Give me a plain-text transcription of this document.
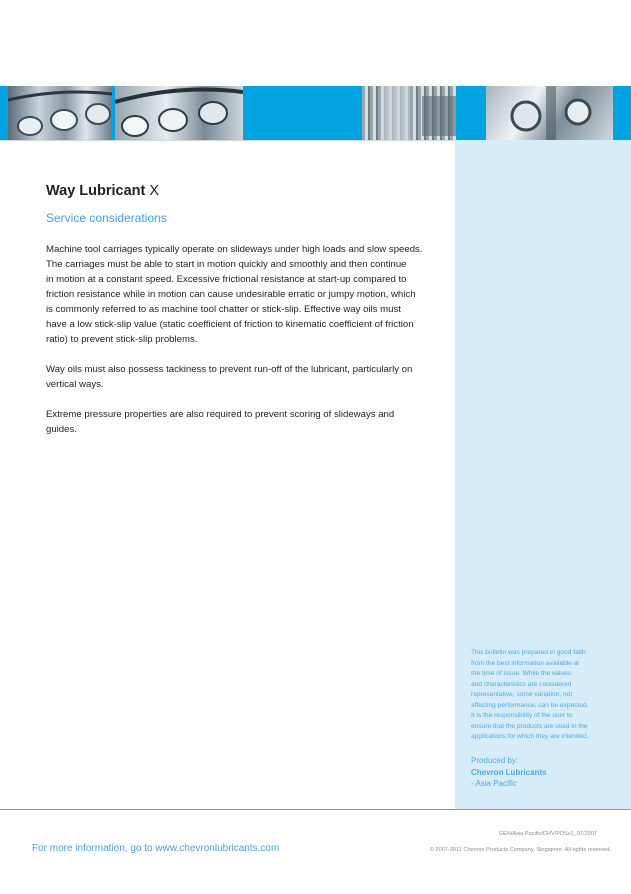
Way Lubricant X
Service considerations

Machine tool carriages typically operate on slideways under high loads and slow speeds.
The carriages must be able to start in motion quickly and smoothly and then continue
in motion at a constant speed. Excessive frictional resistance at start-up compared to
friction resistance while in motion can cause undesirable erratic or jumpy motion, which
is commonly referred to as machine tool chatter or stick-slip. Effective way oils must
have a low stick-slip value (static coefficient of friction to kinematic coefficient of friction
ratio) to prevent stick-slip problems.

Way oils must also possess tackiness to prevent run-off of the lubricant, particularly on
vertical ways.

Extreme pressure properties are also required to prevent scoring of slideways and
guides.

This bulletin was prepared in good faith
from the best information available at
the time of issue. While the values
and characteristics are considered
representative, some variation, not
affecting performance, can be expected.
It is the responsibility of the user to
ensure that the products are used in the
applications for which they are intended.
Produced by:
Chevron Lubricants
- Asia Pacific
For more information, go to www.chevronlubricants.com
GEN/Asia Pacific/CHV/PDSv1_07/2007
© 2007-2011 Chevron Products Company. Singapore. All rights reserved.
